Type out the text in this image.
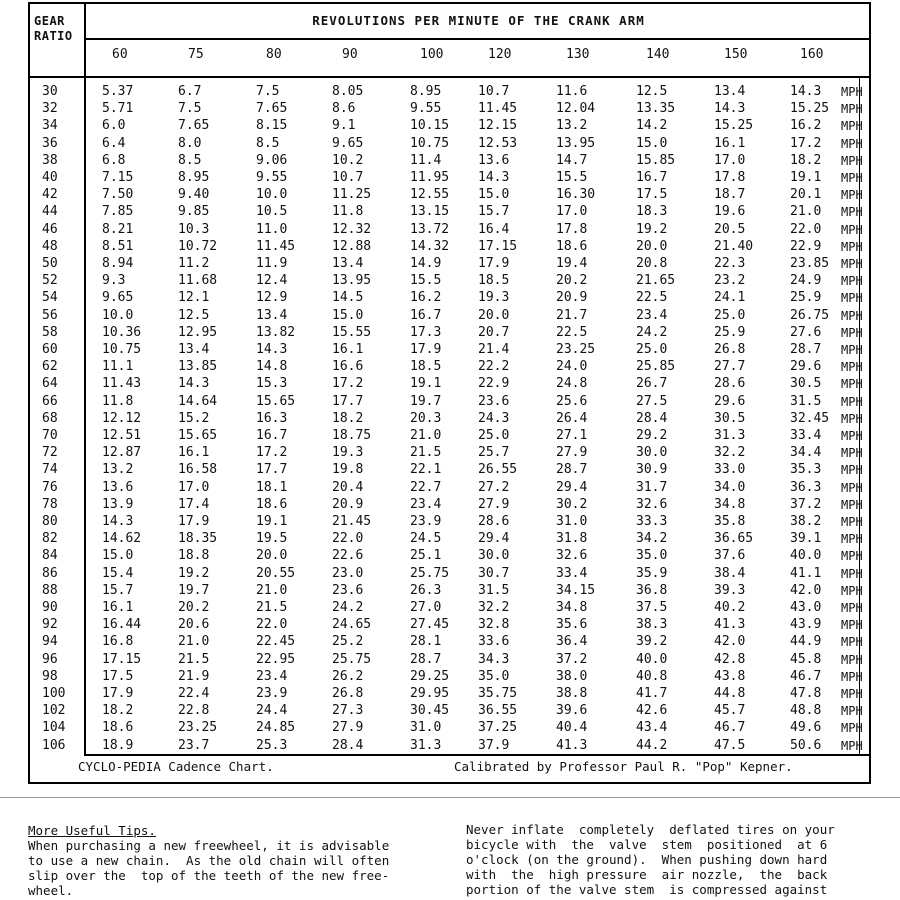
GEAR
RATIO
REVOLUTIONS PER MINUTE OF THE CRANK ARM
60	75	80	90	100	120	130	140	150	160
30	5.37	6.7	7.5	8.05	8.95	10.7	11.6	12.5	13.4	14.3 MPH
32	5.71	7.5	7.65	8.6	9.55	11.45	12.04	13.35	14.3	15.25 MPH
34	6.0	7.65	8.15	9.1	10.15 12.15	13.2	14.2	15.25	16.2 MPH
36	6.4	8.0	8.5	9.65	10.75 12.53	13.95	15.0	16.1	17.2 MPH
38	6.8	8.5	9.06	10.2	11.4	13.6	14.7	15.85	17.0	18.2 MPH
40	7.15	8.95	9.55	10.7	11.95 14.3	15.5	16.7	17.8	19.1 MPH
42	7.50	9.40	10.0	11.25	12.55 15.0	16.30	17.5	18.7	20.1 MPH
44	7.85	9.85	10.5	11.8	13.15 15.7	17.0	18.3	19.6	21.0 MPH
46	8.21	10.3	11.0	12.32	13.72 16.4	17.8	19.2	20.5	22.0 MPH
48	8.51	10.72	11.45	12.88	14.32 17.15	18.6	20.0	21.40	22.9 MPH
50	8.94	11.2	11.9	13.4	14.9	17.9	19.4	20.8	22.3	23.85 MPH
52	9.3	11.68	12.4	13.95	15.5	18.5	20.2	21.65	23.2	24.9 MPH
54	9.65	12.1	12.9	14.5	16.2	19.3	20.9	22.5	24.1	25.9 MPH
56	10.0	12.5	13.4	15.0	16.7	20.0	21.7	23.4	25.0	26.75 MPH
58	10.36	12.95	13.82	15.55	17.3	20.7	22.5	24.2	25.9	27.6 MPH
60	10.75	13.4	14.3	16.1	17.9	21.4	23.25	25.0	26.8	28.7 MPH
62	11.1	13.85	14.8	16.6	18.5	22.2	24.0	25.85	27.7	29.6 MPH
64	11.43	14.3	15.3	17.2	19.1	22.9	24.8	26.7	28.6	30.5 MPH
66	11.8	14.64	15.65	17.7	19.7	23.6	25.6	27.5	29.6	31.5 MPH
68	12.12	15.2	16.3	18.2	20.3	24.3	26.4	28.4	30.5	32.45 MPH
70	12.51	15.65	16.7	18.75	21.0	25.0	27.1	29.2	31.3	33.4 MPH
72	12.87	16.1	17.2	19.3	21.5	25.7	27.9	30.0	32.2	34.4 MPH
74	13.2	16.58	17.7	19.8	22.1	26.55	28.7	30.9	33.0	35.3 MPH
76	13.6	17.0	18.1	20.4	22.7	27.2	29.4	31.7	34.0	36.3 MPH
78	13.9	17.4	18.6	20.9	23.4	27.9	30.2	32.6	34.8	37.2 MPH
80	14.3	17.9	19.1	21.45	23.9	28.6	31.0	33.3	35.8	38.2 MPH
82	14.62	18.35	19.5	22.0	24.5	29.4	31.8	34.2	36.65	39.1 MPH
84	15.0	18.8	20.0	22.6	25.1	30.0	32.6	35.0	37.6	40.0 MPH
86	15.4	19.2	20.55	23.0	25.75 30.7	33.4	35.9	38.4	41.1 MPH
88	15.7	19.7	21.0	23.6	26.3	31.5	34.15	36.8	39.3	42.0 MPH
90	16.1	20.2	21.5	24.2	27.0	32.2	34.8	37.5	40.2	43.0 MPH
92	16.44	20.6	22.0	24.65	27.45 32.8	35.6	38.3	41.3	43.9 MPH
94	16.8	21.0	22.45	25.2	28.1	33.6	36.4	39.2	42.0	44.9 MPH
96	17.15	21.5	22.95	25.75	28.7	34.3	37.2	40.0	42.8	45.8 MPH
98	17.5	21.9	23.4	26.2	29.25 35.0	38.0	40.8	43.8	46.7 MPH
100	17.9	22.4	23.9	26.8	29.95 35.75	38.8	41.7	44.8	47.8 MPH
102	18.2	22.8	24.4	27.3	30.45 36.55	39.6	42.6	45.7	48.8 MPH
104	18.6	23.25	24.85	27.9	31.0	37.25	40.4	43.4	46.7	49.6 MPH
106	18.9	23.7	25.3	28.4	31.3	37.9	41.3	44.2	47.5	50.6 MPH
CYCLO-PEDIA Cadence Chart.	Calibrated by Professor Paul R. "Pop" Kepner.
More Useful Tips.
When purchasing a new freewheel, it is advisable
to use a new chain.  As the old chain will often
slip over the  top of the teeth of the new free-
wheel.
Never inflate  completely  deflated tires on your
bicycle with  the  valve  stem  positioned  at 6
o'clock (on the ground).  When pushing down hard
with  the  high pressure  air nozzle,  the  back
portion of the valve stem  is compressed against
